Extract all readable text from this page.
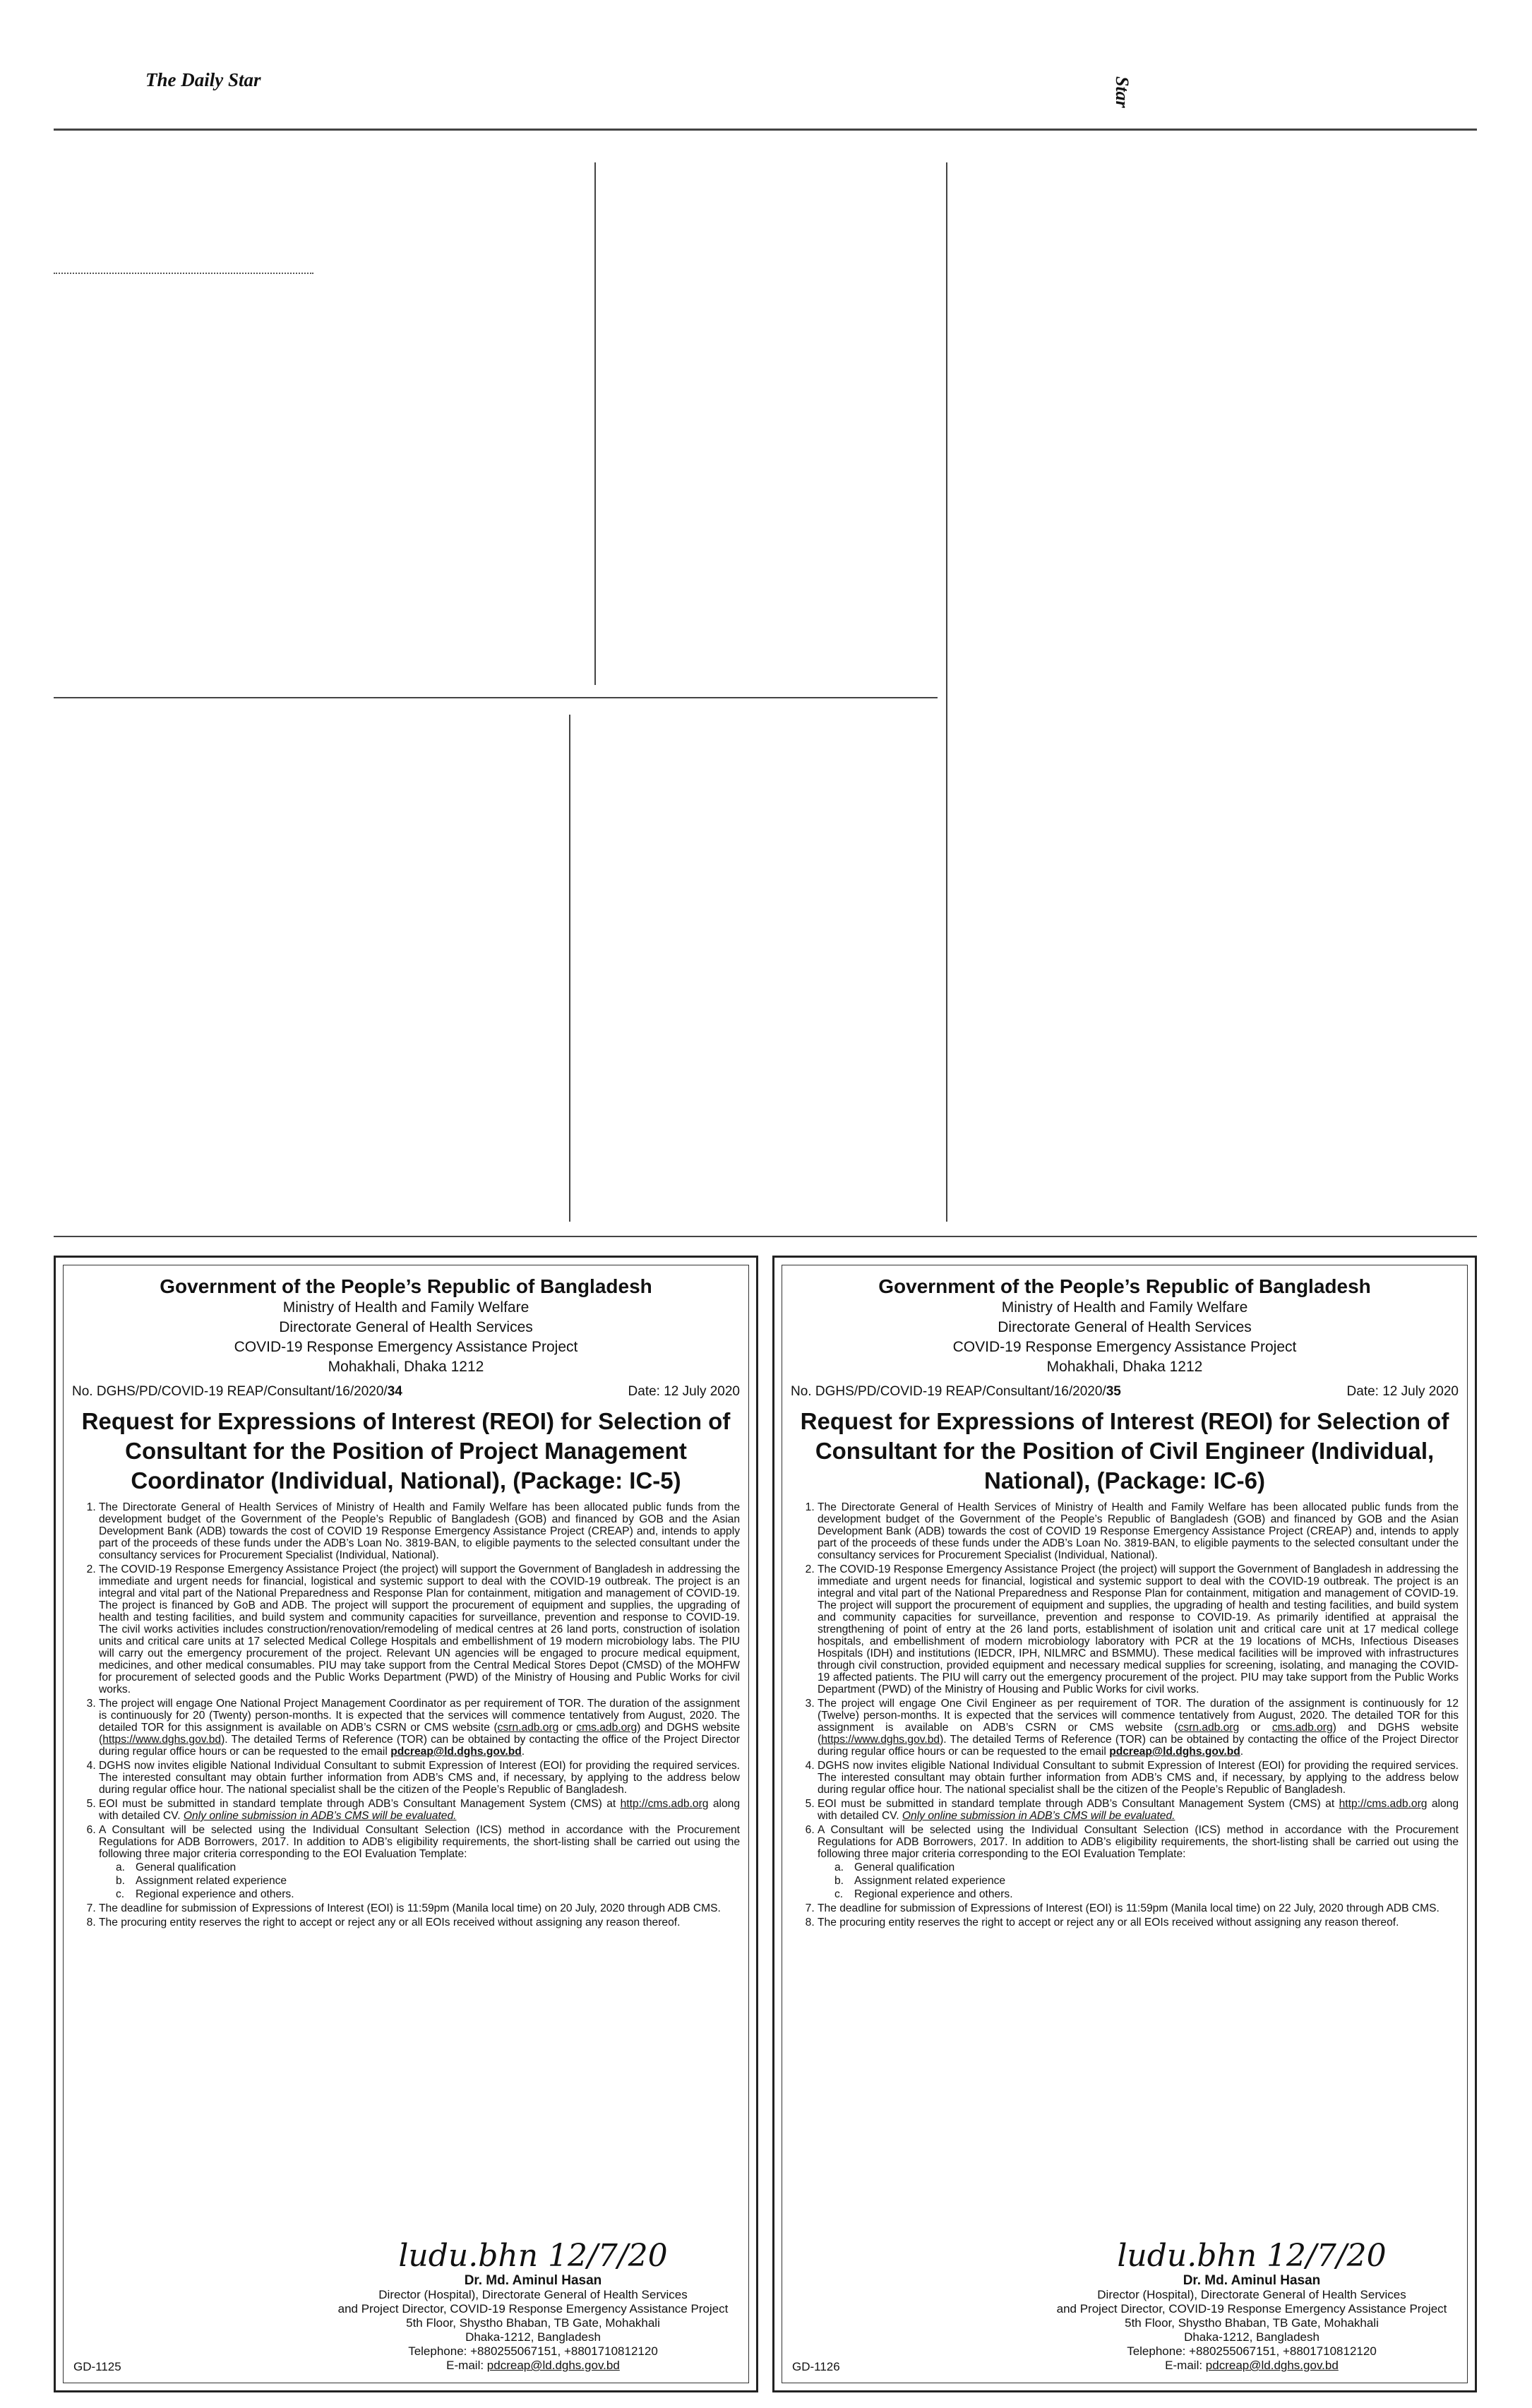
The Daily Star	Star
Government of the People’s Republic of Bangladesh
Ministry of Health and Family Welfare
Directorate General of Health Services
COVID-19 Response Emergency Assistance Project
Mohakhali, Dhaka 1212
No. DGHS/PD/COVID-19 REAP/Consultant/16/2020/34	Date: 12 July 2020
Request for Expressions of Interest (REOI) for Selection of Consultant for the Position of Project Management Coordinator (Individual, National), (Package: IC-5)
1. The Directorate General of Health Services of Ministry of Health and Family Welfare has been allocated public funds from the development budget of the Government of the People’s Republic of Bangladesh (GOB) and financed by GOB and the Asian Development Bank (ADB) towards the cost of COVID 19 Response Emergency Assistance Project (CREAP) and, intends to apply part of the proceeds of these funds under the ADB’s Loan No. 3819-BAN, to eligible payments to the selected consultant under the consultancy services for Procurement Specialist (Individual, National).
2. The COVID-19 Response Emergency Assistance Project (the project) will support the Government of Bangladesh in addressing the immediate and urgent needs for financial, logistical and systemic support to deal with the COVID-19 outbreak. The project is an integral and vital part of the National Preparedness and Response Plan for containment, mitigation and management of COVID-19. The project is financed by GoB and ADB. The project will support the procurement of equipment and supplies, the upgrading of health and testing facilities, and build system and community capacities for surveillance, prevention and response to COVID-19. The civil works activities includes construction/renovation/remodeling of medical centres at 26 land ports, construction of isolation units and critical care units at 17 selected Medical College Hospitals and embellishment of 19 modern microbiology labs. The PIU will carry out the emergency procurement of the project. Relevant UN agencies will be engaged to procure medical equipment, medicines, and other medical consumables. PIU may take support from the Central Medical Stores Depot (CMSD) of the MOHFW for procurement of selected goods and the Public Works Department (PWD) of the Ministry of Housing and Public Works for civil works.
3. The project will engage One National Project Management Coordinator as per requirement of TOR. The duration of the assignment is continuously for 20 (Twenty) person-months. It is expected that the services will commence tentatively from August, 2020. The detailed TOR for this assignment is available on ADB’s CSRN or CMS website (csrn.adb.org or cms.adb.org) and DGHS website (https://www.dghs.gov.bd). The detailed Terms of Reference (TOR) can be obtained by contacting the office of the Project Director during regular office hours or can be requested to the email pdcreap@ld.dghs.gov.bd.
4. DGHS now invites eligible National Individual Consultant to submit Expression of Interest (EOI) for providing the required services. The interested consultant may obtain further information from ADB’s CMS and, if necessary, by applying to the address below during regular office hour. The national specialist shall be the citizen of the People’s Republic of Bangladesh.
5. EOI must be submitted in standard template through ADB’s Consultant Management System (CMS) at http://cms.adb.org along with detailed CV. Only online submission in ADB’s CMS will be evaluated.
6. A Consultant will be selected using the Individual Consultant Selection (ICS) method in accordance with the Procurement Regulations for ADB Borrowers, 2017. In addition to ADB’s eligibility requirements, the short-listing shall be carried out using the following three major criteria corresponding to the EOI Evaluation Template:
a. General qualification
b. Assignment related experience
c. Regional experience and others.
7. The deadline for submission of Expressions of Interest (EOI) is 11:59pm (Manila local time) on 20 July, 2020 through ADB CMS.
8. The procuring entity reserves the right to accept or reject any or all EOIs received without assigning any reason thereof.
ludu.bhn 12/7/20
Dr. Md. Aminul Hasan
Director (Hospital), Directorate General of Health Services
and Project Director, COVID-19 Response Emergency Assistance Project
5th Floor, Shystho Bhaban, TB Gate, Mohakhali
Dhaka-1212, Bangladesh
Telephone: +880255067151, +8801710812120
E-mail: pdcreap@ld.dghs.gov.bd
GD-1125
Government of the People’s Republic of Bangladesh
Ministry of Health and Family Welfare
Directorate General of Health Services
COVID-19 Response Emergency Assistance Project
Mohakhali, Dhaka 1212
No. DGHS/PD/COVID-19 REAP/Consultant/16/2020/35	Date: 12 July 2020
Request for Expressions of Interest (REOI) for Selection of Consultant for the Position of Civil Engineer (Individual, National), (Package: IC-6)
1. The Directorate General of Health Services of Ministry of Health and Family Welfare has been allocated public funds from the development budget of the Government of the People’s Republic of Bangladesh (GOB) and financed by GOB and the Asian Development Bank (ADB) towards the cost of COVID 19 Response Emergency Assistance Project (CREAP) and, intends to apply part of the proceeds of these funds under the ADB’s Loan No. 3819-BAN, to eligible payments to the selected consultant under the consultancy services for Procurement Specialist (Individual, National).
2. The COVID-19 Response Emergency Assistance Project (the project) will support the Government of Bangladesh in addressing the immediate and urgent needs for financial, logistical and systemic support to deal with the COVID-19 outbreak. The project is an integral and vital part of the National Preparedness and Response Plan for containment, mitigation and management of COVID-19. The project will support the procurement of equipment and supplies, the upgrading of health and testing facilities, and build system and community capacities for surveillance, prevention and response to COVID-19. As primarily identified at appraisal the strengthening of point of entry at the 26 land ports, establishment of isolation unit and critical care unit at 17 medical college hospitals, and embellishment of modern microbiology laboratory with PCR at the 19 locations of MCHs, Infectious Diseases Hospitals (IDH) and institutions (IEDCR, IPH, NILMRC and BSMMU). These medical facilities will be improved with infrastructures through civil construction, provided equipment and necessary medical supplies for screening, isolating, and managing the COVID-19 affected patients. The PIU will carry out the emergency procurement of the project. PIU may take support from the Public Works Department (PWD) of the Ministry of Housing and Public Works for civil works.
3. The project will engage One Civil Engineer as per requirement of TOR. The duration of the assignment is continuously for 12 (Twelve) person-months. It is expected that the services will commence tentatively from August, 2020. The detailed TOR for this assignment is available on ADB’s CSRN or CMS website (csrn.adb.org or cms.adb.org) and DGHS website (https://www.dghs.gov.bd). The detailed Terms of Reference (TOR) can be obtained by contacting the office of the Project Director during regular office hours or can be requested to the email pdcreap@ld.dghs.gov.bd.
4. DGHS now invites eligible National Individual Consultant to submit Expression of Interest (EOI) for providing the required services. The interested consultant may obtain further information from ADB’s CMS and, if necessary, by applying to the address below during regular office hour. The national specialist shall be the citizen of the People’s Republic of Bangladesh.
5. EOI must be submitted in standard template through ADB’s Consultant Management System (CMS) at http://cms.adb.org along with detailed CV. Only online submission in ADB’s CMS will be evaluated.
6. A Consultant will be selected using the Individual Consultant Selection (ICS) method in accordance with the Procurement Regulations for ADB Borrowers, 2017. In addition to ADB’s eligibility requirements, the short-listing shall be carried out using the following three major criteria corresponding to the EOI Evaluation Template:
a. General qualification
b. Assignment related experience
c. Regional experience and others.
7. The deadline for submission of Expressions of Interest (EOI) is 11:59pm (Manila local time) on 22 July, 2020 through ADB CMS.
8. The procuring entity reserves the right to accept or reject any or all EOIs received without assigning any reason thereof.
ludu.bhn 12/7/20
Dr. Md. Aminul Hasan
Director (Hospital), Directorate General of Health Services
and Project Director, COVID-19 Response Emergency Assistance Project
5th Floor, Shystho Bhaban, TB Gate, Mohakhali
Dhaka-1212, Bangladesh
Telephone: +880255067151, +8801710812120
E-mail: pdcreap@ld.dghs.gov.bd
GD-1126
